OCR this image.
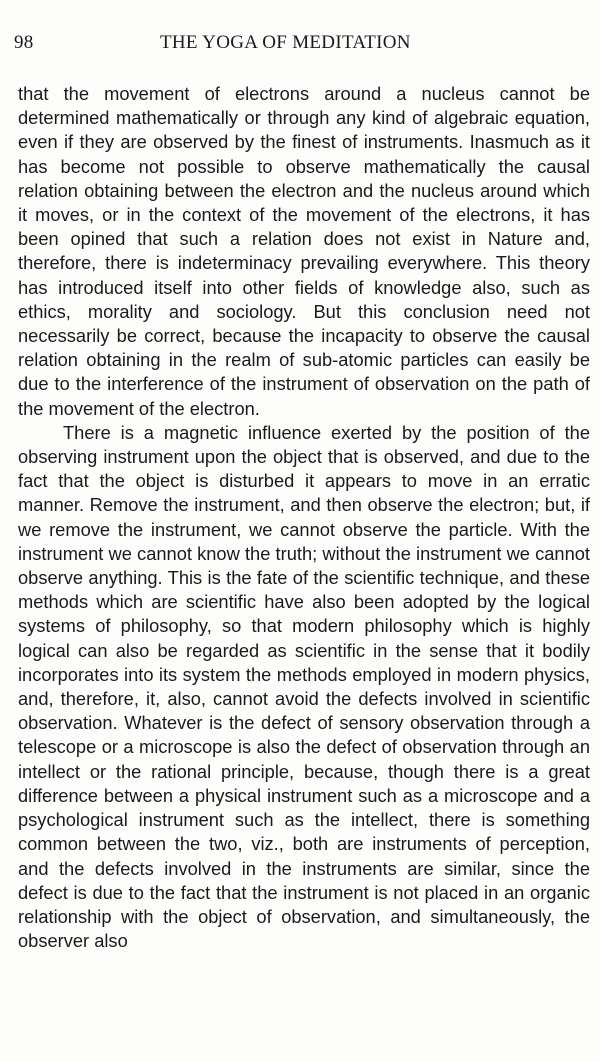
98	THE YOGA OF MEDITATION

that the movement of electrons around a nucleus cannot be determined mathematically or through any kind of algebraic equation, even if they are observed by the finest of instruments. Inasmuch as it has become not possible to observe mathematically the causal relation obtaining between the electron and the nucleus around which it moves, or in the context of the movement of the electrons, it has been opined that such a relation does not exist in Nature and, therefore, there is indeterminacy prevailing everywhere. This theory has introduced itself into other fields of knowledge also, such as ethics, morality and sociology. But this conclusion need not necessarily be correct, because the incapacity to observe the causal relation obtaining in the realm of sub-atomic particles can easily be due to the interference of the instrument of observation on the path of the movement of the electron.

There is a magnetic influence exerted by the position of the observing instrument upon the object that is observed, and due to the fact that the object is disturbed it appears to move in an erratic manner. Remove the instrument, and then observe the electron; but, if we remove the instrument, we cannot observe the particle. With the instrument we cannot know the truth; without the instrument we cannot observe anything. This is the fate of the scientific technique, and these methods which are scientific have also been adopted by the logical systems of philosophy, so that modern philosophy which is highly logical can also be regarded as scientific in the sense that it bodily incorporates into its system the methods employed in modern physics, and, therefore, it, also, cannot avoid the defects involved in scientific observation. Whatever is the defect of sensory observation through a telescope or a microscope is also the defect of observation through an intellect or the rational principle, because, though there is a great difference between a physical instrument such as a microscope and a psychological instrument such as the intellect, there is something common between the two, viz., both are instruments of perception, and the defects involved in the instruments are similar, since the defect is due to the fact that the instrument is not placed in an organic relationship with the object of observation, and simultaneously, the observer also
